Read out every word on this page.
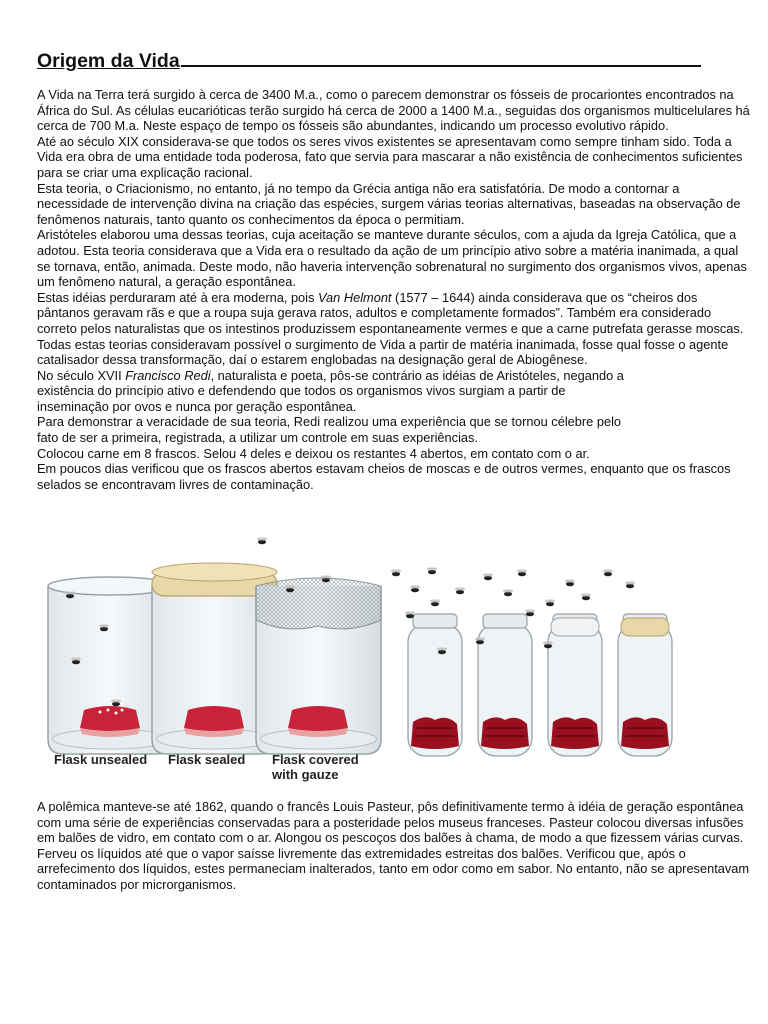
Origem da Vida

A Vida na Terra terá surgido à cerca de 3400 M.a., como o parecem demonstrar os fósseis de procariontes encontrados na África do Sul. As células eucarióticas terão surgido há cerca de 2000 a 1400 M.a., seguidas dos organismos multicelulares há cerca de 700 M.a. Neste espaço de tempo os fósseis são abundantes, indicando um processo evolutivo rápido.

Até ao século XIX considerava-se que todos os seres vivos existentes se apresentavam como sempre tinham sido. Toda a Vida era obra de uma entidade toda poderosa, fato que servia para mascarar a não existência de conhecimentos suficientes para se criar uma explicação racional.

Esta teoria, o Criacionismo, no entanto, já no tempo da Grécia antiga não era satisfatória. De modo a contornar a necessidade de intervenção divina na criação das espécies, surgem várias teorias alternativas, baseadas na observação de fenômenos naturais, tanto quanto os conhecimentos da época o permitiam.

Aristóteles elaborou uma dessas teorias, cuja aceitação se manteve durante séculos, com a ajuda da Igreja Católica, que a adotou. Esta teoria considerava que a Vida era o resultado da ação de um princípio ativo sobre a matéria inanimada, a qual se tornava, então, animada. Deste modo, não haveria intervenção sobrenatural no surgimento dos organismos vivos, apenas um fenômeno natural, a geração espontânea.

Estas idéias perduraram até à era moderna, pois Van Helmont (1577 – 1644) ainda considerava que os “cheiros dos pântanos geravam rãs e que a roupa suja gerava ratos, adultos e completamente formados”. Também era considerado correto pelos naturalistas que os intestinos produzissem espontaneamente vermes e que a carne putrefata gerasse moscas. Todas estas teorias consideravam possível o surgimento de Vida a partir de matéria inanimada, fosse qual fosse o agente catalisador dessa transformação, daí o estarem englobadas na designação geral de Abiogênese.

No século XVII Francisco Redi, naturalista e poeta, pôs-se contrário as idéias de Aristóteles, negando a existência do princípio ativo e defendendo que todos os organismos vivos surgiam a partir de inseminação por ovos e nunca por geração espontânea.

Para demonstrar a veracidade de sua teoria, Redi realizou uma experiência que se tornou célebre pelo fato de ser a primeira, registrada, a utilizar um controle em suas experiências.

Colocou carne em 8 frascos. Selou 4 deles e deixou os restantes 4 abertos, em contato com o ar.

Em poucos dias verificou que os frascos abertos estavam cheios de moscas e de outros vermes, enquanto que os frascos selados se encontravam livres de contaminação.

Flask unsealed Flask sealed Flask covered
with gauze

A polêmica manteve-se até 1862, quando o francês Louis Pasteur, pôs definitivamente termo à idéia de geração espontânea com uma série de experiências conservadas para a posteridade pelos museus franceses. Pasteur colocou diversas infusões em balões de vidro, em contato com o ar. Alongou os pescoços dos balões à chama, de modo a que fizessem várias curvas. Ferveu os líquidos até que o vapor saísse livremente das extremidades estreitas dos balões. Verificou que, após o arrefecimento dos líquidos, estes permaneciam inalterados, tanto em odor como em sabor. No entanto, não se apresentavam contaminados por microrganismos.
